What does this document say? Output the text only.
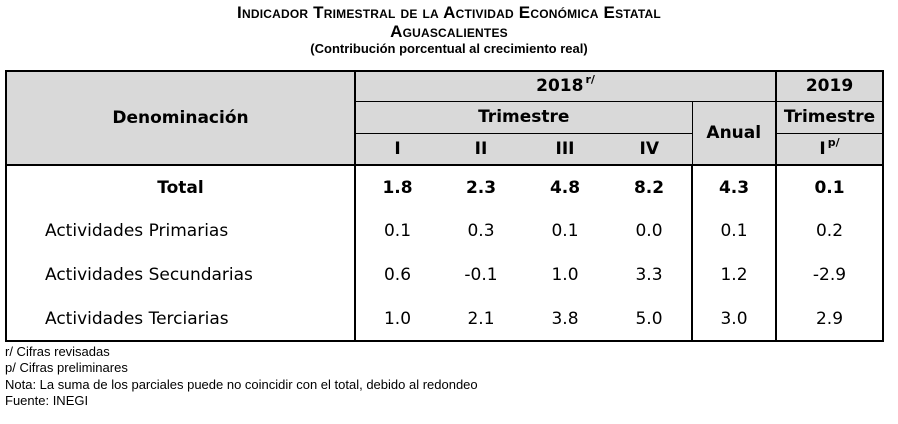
Indicador Trimestral de la Actividad Económica Estatal
Aguascalientes
(Contribución porcentual al crecimiento real)
Denominación	2018 $^{r/}$					2019
	Trimestre				Anual	Trimestre
	I	II	III	IV		I $^{p/}$
Total	1.8	2.3	4.8	8.2	4.3	0.1
Actividades Primarias	0.1	0.3	0.1	0.0	0.1	0.2
Actividades Secundarias	0.6	-0.1	1.0	3.3	1.2	-2.9
Actividades Terciarias	1.0	2.1	3.8	5.0	3.0	2.9
r/ Cifras revisadas
p/ Cifras preliminares
Nota: La suma de los parciales puede no coincidir con el total, debido al redondeo
Fuente: INEGI
